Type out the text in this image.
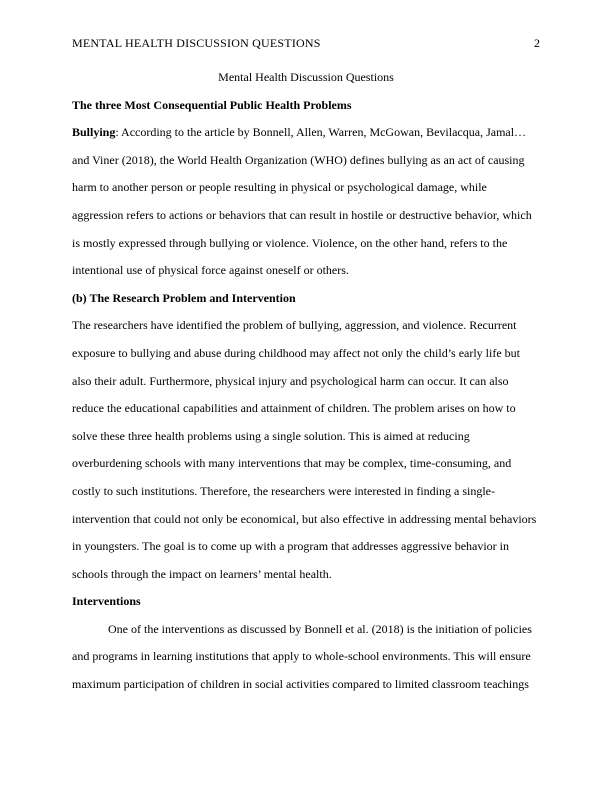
MENTAL HEALTH DISCUSSION QUESTIONS	2

Mental Health Discussion Questions

The three Most Consequential Public Health Problems

Bullying: According to the article by Bonnell, Allen, Warren, McGowan, Bevilacqua, Jamal… and Viner (2018), the World Health Organization (WHO) defines bullying as an act of causing harm to another person or people resulting in physical or psychological damage, while aggression refers to actions or behaviors that can result in hostile or destructive behavior, which is mostly expressed through bullying or violence. Violence, on the other hand, refers to the intentional use of physical force against oneself or others.

(b) The Research Problem and Intervention

The researchers have identified the problem of bullying, aggression, and violence. Recurrent exposure to bullying and abuse during childhood may affect not only the child’s early life but also their adult. Furthermore, physical injury and psychological harm can occur. It can also reduce the educational capabilities and attainment of children. The problem arises on how to solve these three health problems using a single solution. This is aimed at reducing overburdening schools with many interventions that may be complex, time-consuming, and costly to such institutions. Therefore, the researchers were interested in finding a single-intervention that could not only be economical, but also effective in addressing mental behaviors in youngsters. The goal is to come up with a program that addresses aggressive behavior in schools through the impact on learners’ mental health.

Interventions

One of the interventions as discussed by Bonnell et al. (2018) is the initiation of policies and programs in learning institutions that apply to whole-school environments. This will ensure maximum participation of children in social activities compared to limited classroom teachings
